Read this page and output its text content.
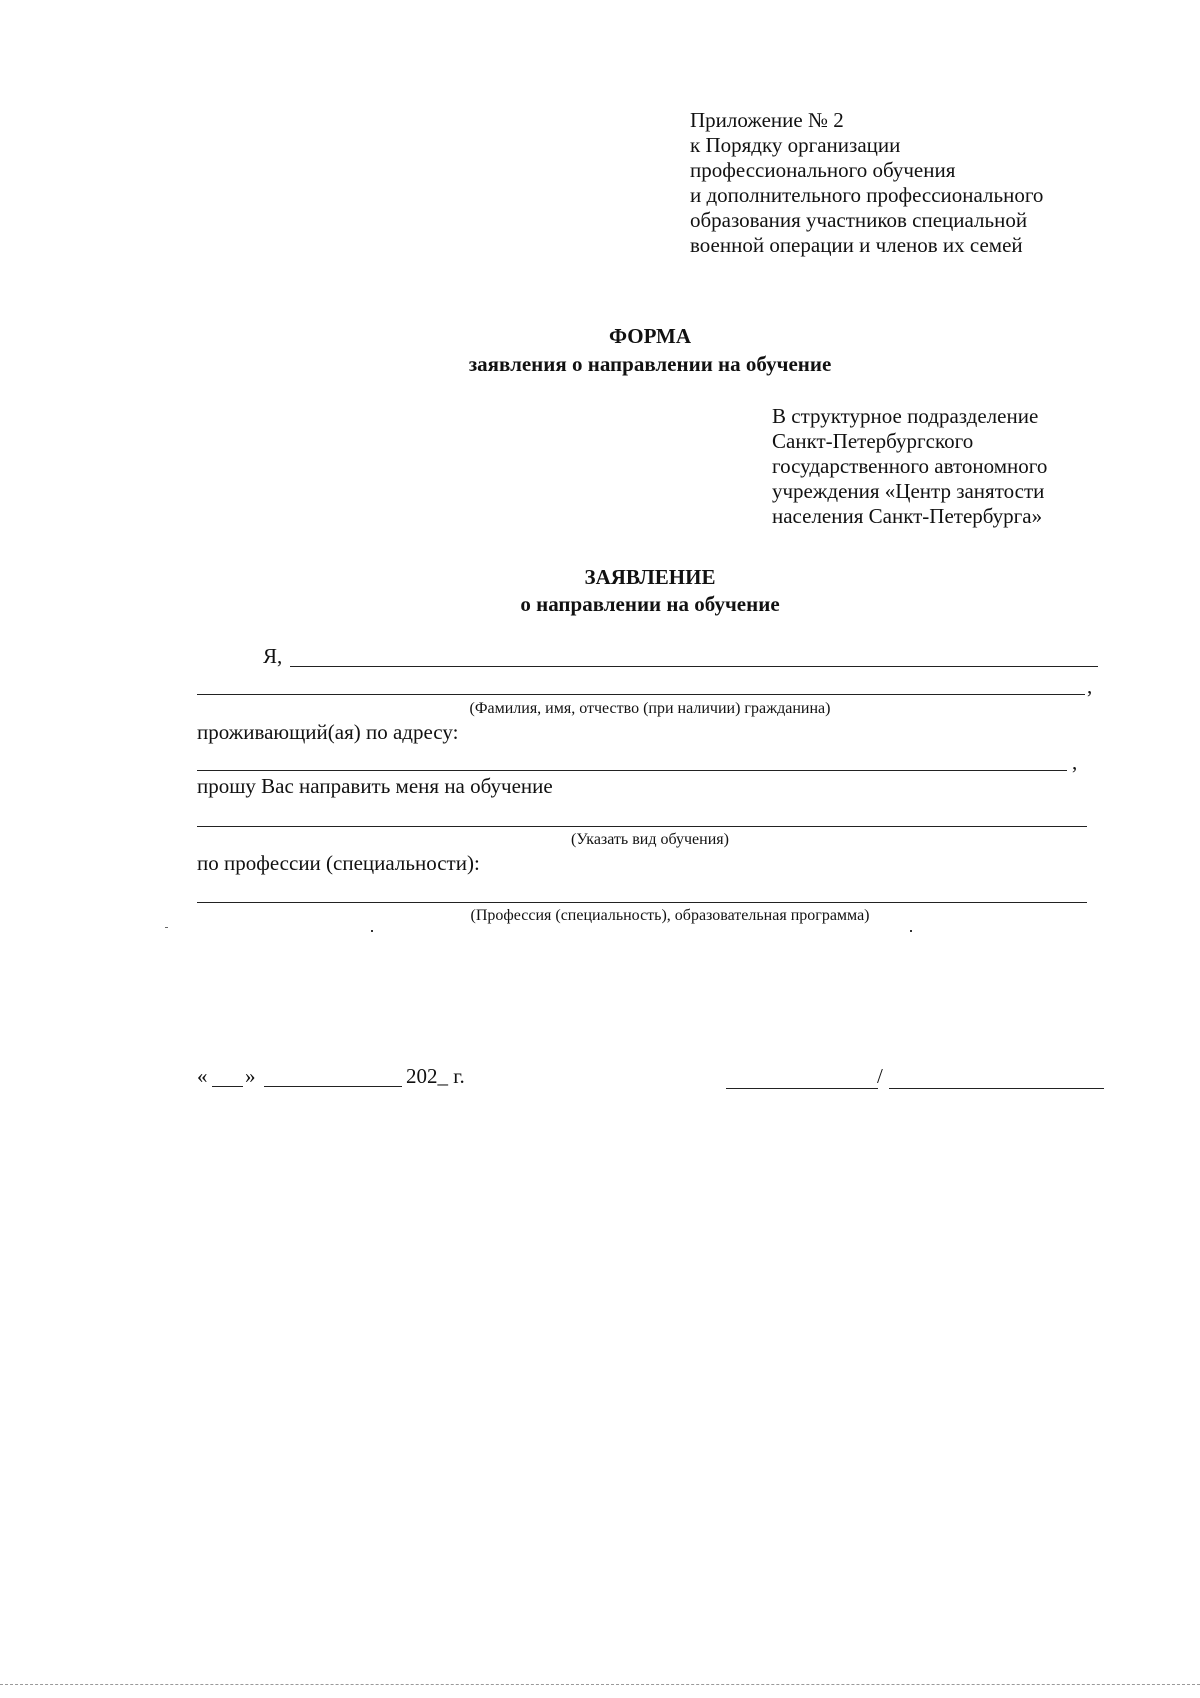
Приложение № 2
к Порядку организации
профессионального обучения
и дополнительного профессионального
образования участников специальной
военной операции и членов их семей
ФОРМА
заявления о направлении на обучение
В структурное подразделение
Санкт-Петербургского
государственного автономного
учреждения «Центр занятости
населения Санкт-Петербурга»
ЗАЯВЛЕНИЕ
о направлении на обучение
Я,
,
(Фамилия, имя, отчество (при наличии) гражданина)
проживающий(ая) по адресу:
,
прошу Вас направить меня на обучение
(Указать вид обучения)
по профессии (специальности):
(Профессия (специальность), образовательная программа)
« »	202_ г.	/
